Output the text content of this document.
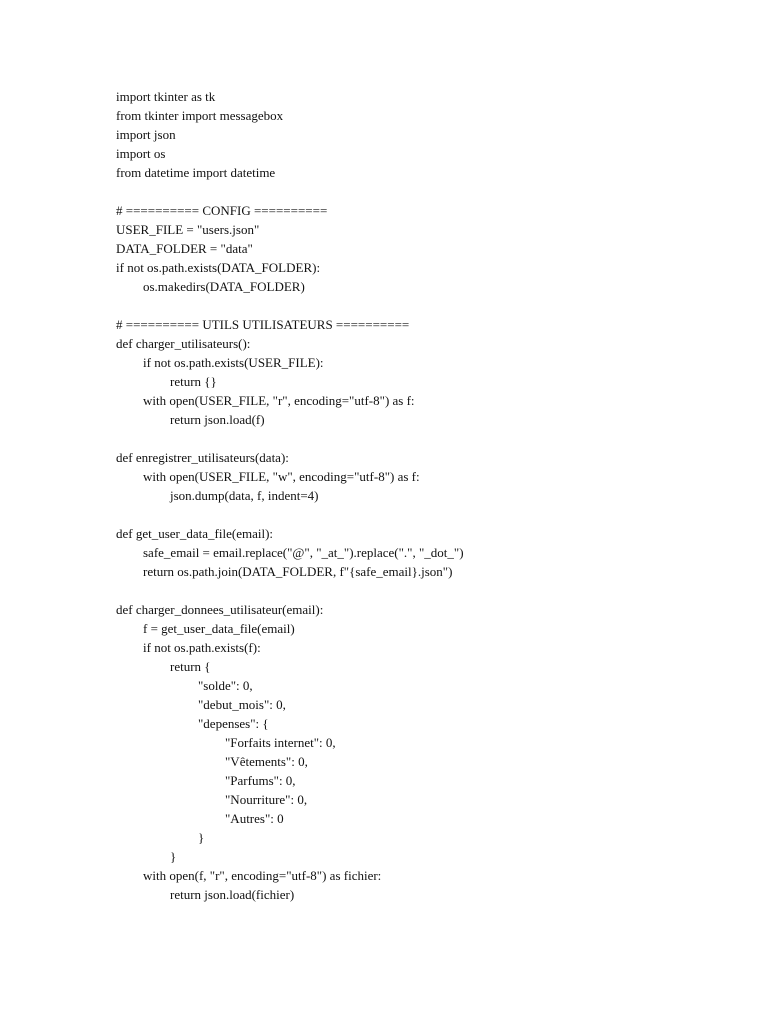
import tkinter as tk
from tkinter import messagebox
import json
import os
from datetime import datetime
# ========== CONFIG ==========
USER_FILE = "users.json"
DATA_FOLDER = "data"
if not os.path.exists(DATA_FOLDER):
os.makedirs(DATA_FOLDER)
# ========== UTILS UTILISATEURS ==========
def charger_utilisateurs():
if not os.path.exists(USER_FILE):
return {}
with open(USER_FILE, "r", encoding="utf-8") as f:
return json.load(f)
def enregistrer_utilisateurs(data):
with open(USER_FILE, "w", encoding="utf-8") as f:
json.dump(data, f, indent=4)
def get_user_data_file(email):
safe_email = email.replace("@", "_at_").replace(".", "_dot_")
return os.path.join(DATA_FOLDER, f"{safe_email}.json")
def charger_donnees_utilisateur(email):
f = get_user_data_file(email)
if not os.path.exists(f):
return {
"solde": 0,
"debut_mois": 0,
"depenses": {
"Forfaits internet": 0,
"Vêtements": 0,
"Parfums": 0,
"Nourriture": 0,
"Autres": 0
}
}
with open(f, "r", encoding="utf-8") as fichier:
return json.load(fichier)
